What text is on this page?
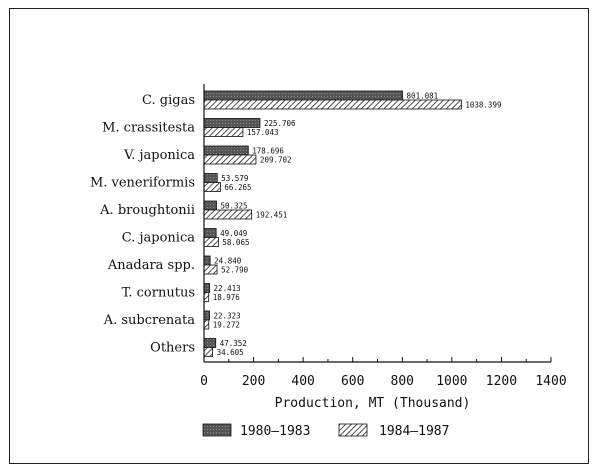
C. gigas
M. crassitesta
V. japonica
M. veneriformis
A. broughtonii
C. japonica
Anadara spp.
T. cornutus
A. subcrenata
Others
801.081
1038.399
225.706
157.043
178.696
209.702
53.579
66.265
50.325
192.451
49.049
58.065
24.840
52.790
22.413
18.976
22.323
19.272
47.352
34.605
0	200 400 600 800 1000 1200 1400
Production, MT (Thousand)
1980–1983	1984–1987
